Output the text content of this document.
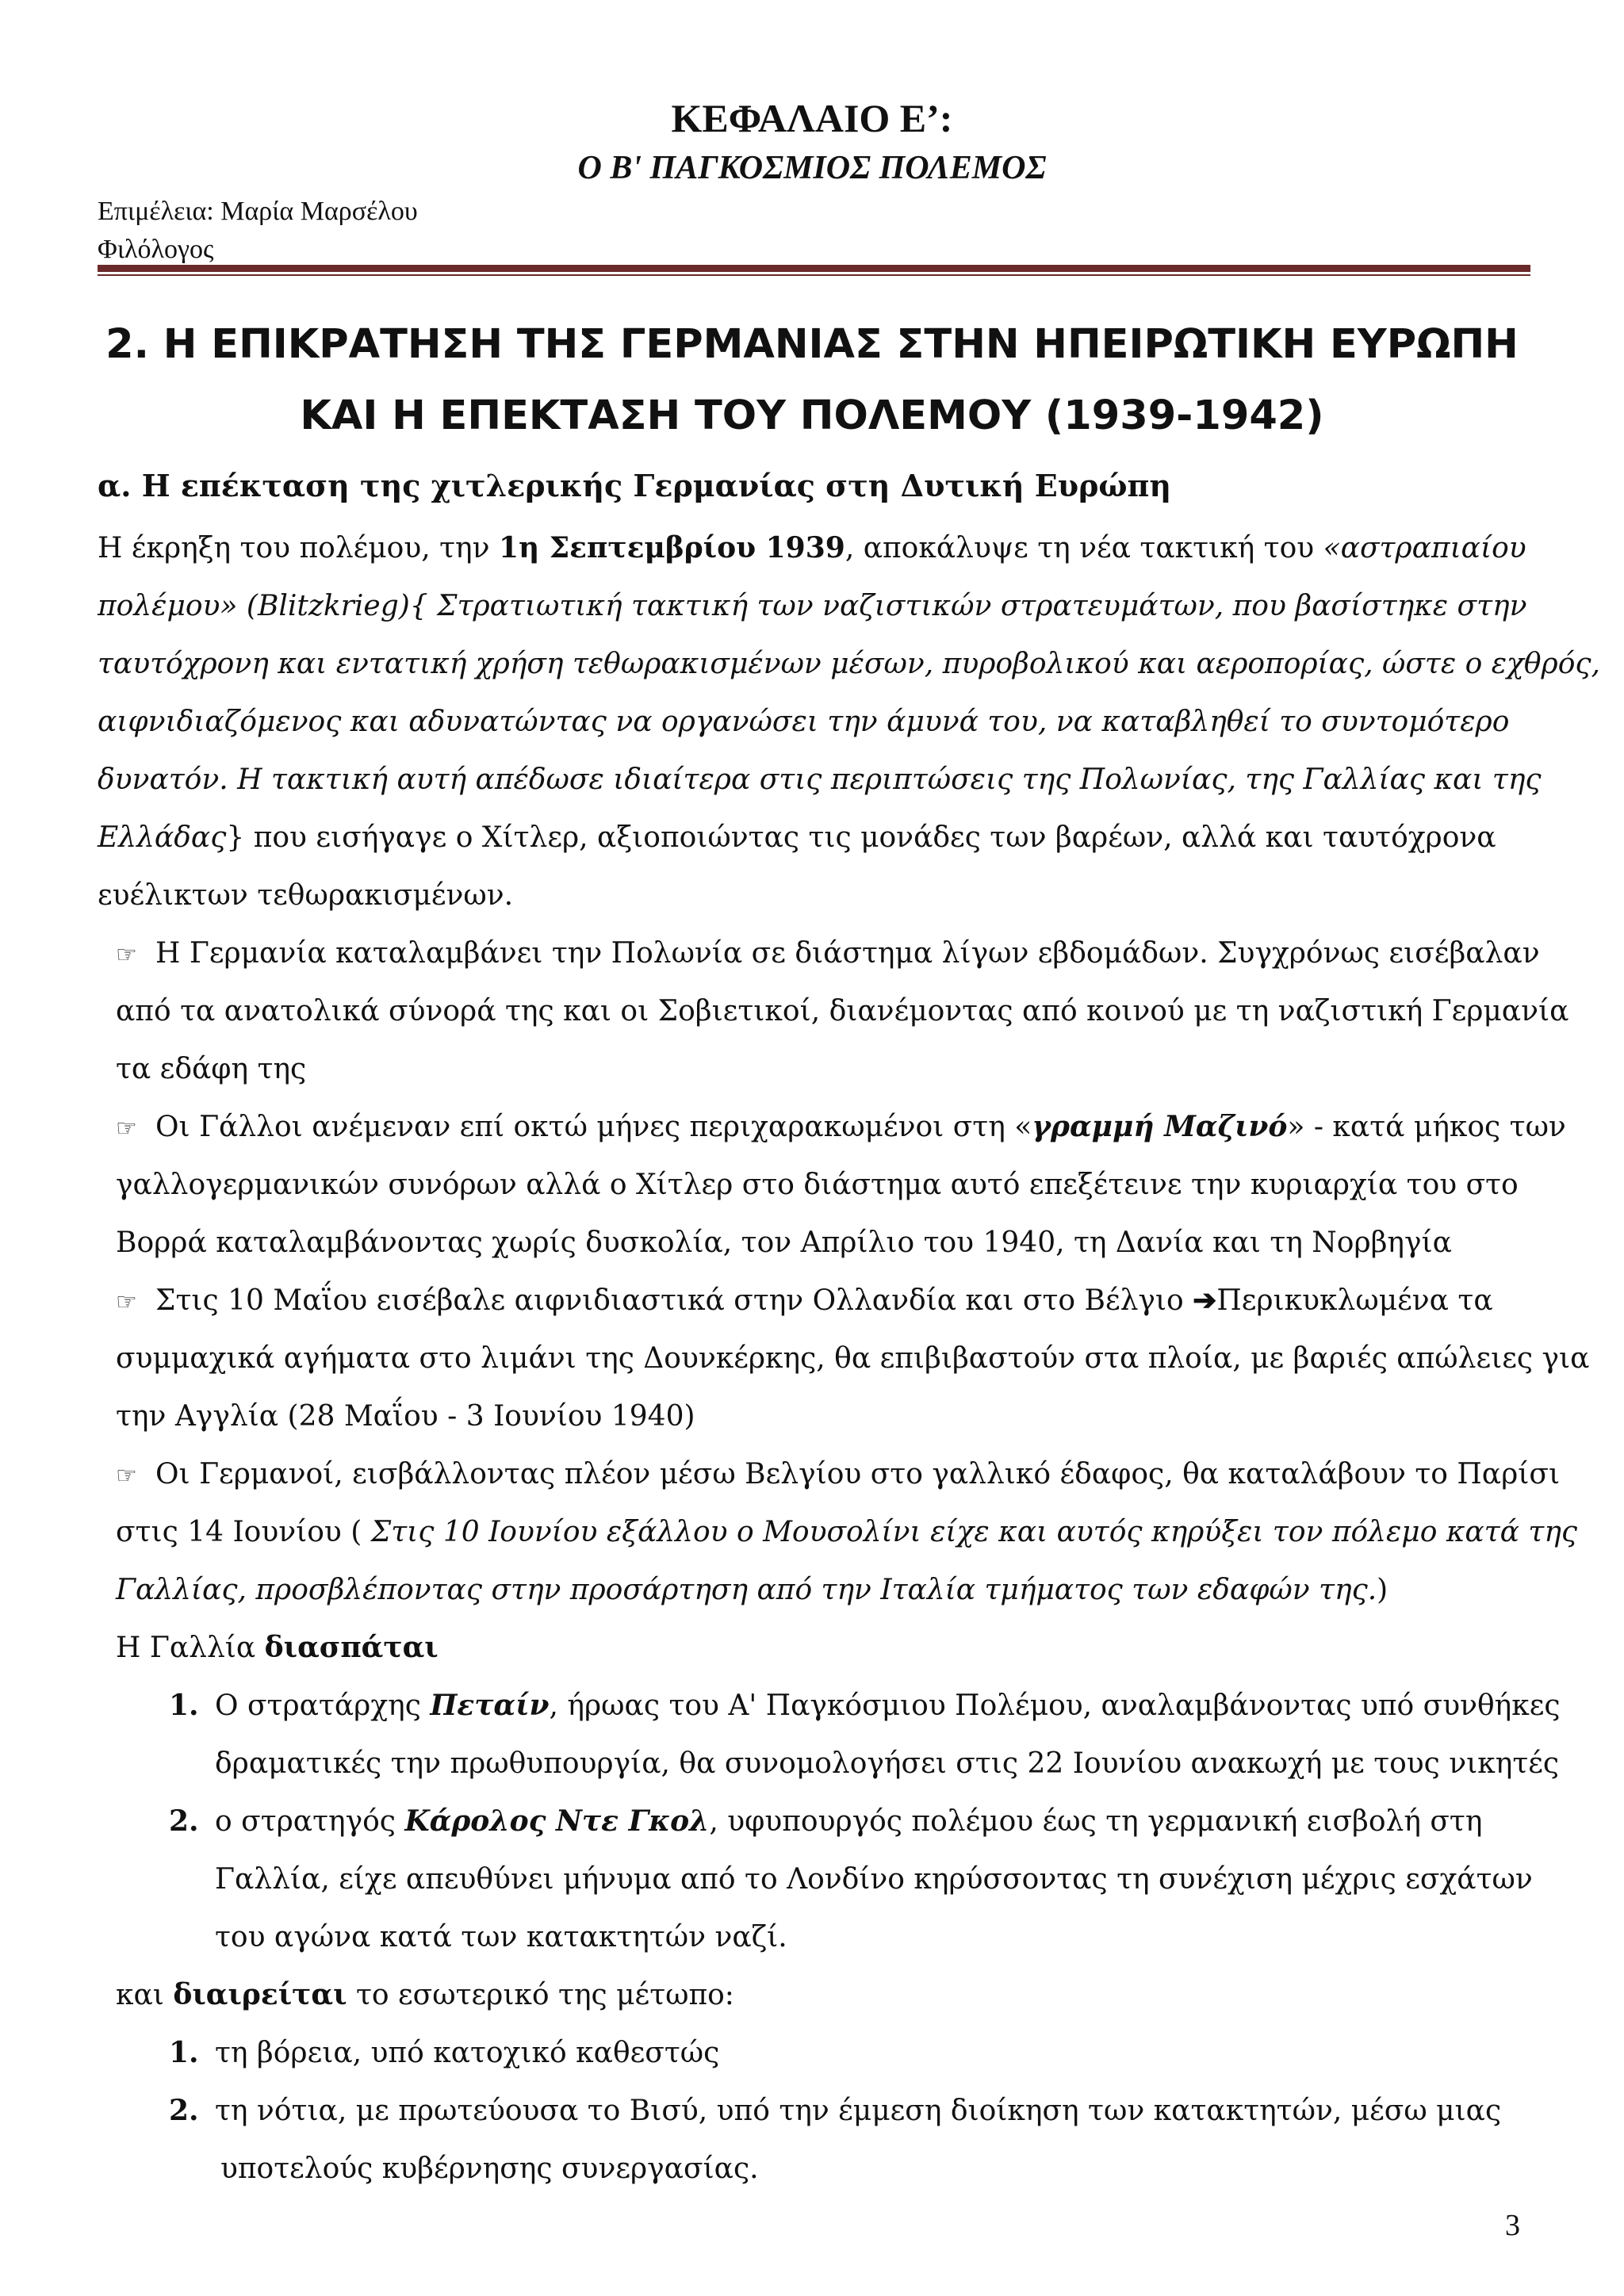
ΚΕΦΑΛΑΙΟ Ε’:
Ο Β' ΠΑΓΚΟΣΜΙΟΣ ΠΟΛΕΜΟΣ
Επιμέλεια: Μαρία Μαρσέλου
Φιλόλογος
2. Η ΕΠΙΚΡΑΤΗΣΗ ΤΗΣ ΓΕΡΜΑΝΙΑΣ ΣΤΗΝ ΗΠΕΙΡΩΤΙΚΗ ΕΥΡΩΠΗ
ΚΑΙ Η ΕΠΕΚΤΑΣΗ ΤΟΥ ΠΟΛΕΜΟΥ (1939-1942)
α. Η επέκταση της χιτλερικής Γερμανίας στη Δυτική Ευρώπη
Η έκρηξη του πολέμου, την 1η Σεπτεμβρίου 1939, αποκάλυψε τη νέα τακτική του «αστραπιαίου
πολέμου» (Blitzkrieg){ Στρατιωτική τακτική των ναζιστικών στρατευμάτων, που βασίστηκε στην
ταυτόχρονη και εντατική χρήση τεθωρακισμένων μέσων, πυροβολικού και αεροπορίας, ώστε ο εχθρός,
αιφνιδιαζόμενος και αδυνατώντας να οργανώσει την άμυνά του, να καταβληθεί το συντομότερο
δυνατόν. Η τακτική αυτή απέδωσε ιδιαίτερα στις περιπτώσεις της Πολωνίας, της Γαλλίας και της
Ελλάδας} που εισήγαγε ο Χίτλερ, αξιοποιώντας τις μονάδες των βαρέων, αλλά και ταυτόχρονα
ευέλικτων τεθωρακισμένων.
☞ Η Γερμανία καταλαμβάνει την Πολωνία σε διάστημα λίγων εβδομάδων. Συγχρόνως εισέβαλαν
από τα ανατολικά σύνορά της και οι Σοβιετικοί, διανέμοντας από κοινού με τη ναζιστική Γερμανία
τα εδάφη της
☞ Οι Γάλλοι ανέμεναν επί οκτώ μήνες περιχαρακωμένοι στη «γραμμή Μαζινό» - κατά μήκος των
γαλλογερμανικών συνόρων αλλά ο Χίτλερ στο διάστημα αυτό επεξέτεινε την κυριαρχία του στο
Βορρά καταλαμβάνοντας χωρίς δυσκολία, τον Απρίλιο του 1940, τη Δανία και τη Νορβηγία
☞ Στις 10 Μαΐου εισέβαλε αιφνιδιαστικά στην Ολλανδία και στο Βέλγιο ➔Περικυκλωμένα τα
συμμαχικά αγήματα στο λιμάνι της Δουνκέρκης, θα επιβιβαστούν στα πλοία, με βαριές απώλειες για
την Αγγλία (28 Μαΐου - 3 Ιουνίου 1940)
☞ Οι Γερμανοί, εισβάλλοντας πλέον μέσω Βελγίου στο γαλλικό έδαφος, θα καταλάβουν το Παρίσι
στις 14 Ιουνίου ( Στις 10 Ιουνίου εξάλλου ο Μουσολίνι είχε και αυτός κηρύξει τον πόλεμο κατά της
Γαλλίας, προσβλέποντας στην προσάρτηση από την Ιταλία τμήματος των εδαφών της.)
Η Γαλλία διασπάται
1. Ο στρατάρχης Πεταίν, ήρωας του Α' Παγκόσμιου Πολέμου, αναλαμβάνοντας υπό συνθήκες
δραματικές την πρωθυπουργία, θα συνομολογήσει στις 22 Ιουνίου ανακωχή με τους νικητές
2. ο στρατηγός Κάρολος Ντε Γκολ, υφυπουργός πολέμου έως τη γερμανική εισβολή στη
Γαλλία, είχε απευθύνει μήνυμα από το Λονδίνο κηρύσσοντας τη συνέχιση μέχρις εσχάτων
του αγώνα κατά των κατακτητών ναζί.
και διαιρείται το εσωτερικό της μέτωπο:
1. τη βόρεια, υπό κατοχικό καθεστώς
2. τη νότια, με πρωτεύουσα το Βισύ, υπό την έμμεση διοίκηση των κατακτητών, μέσω μιας
υποτελούς κυβέρνησης συνεργασίας.
3
